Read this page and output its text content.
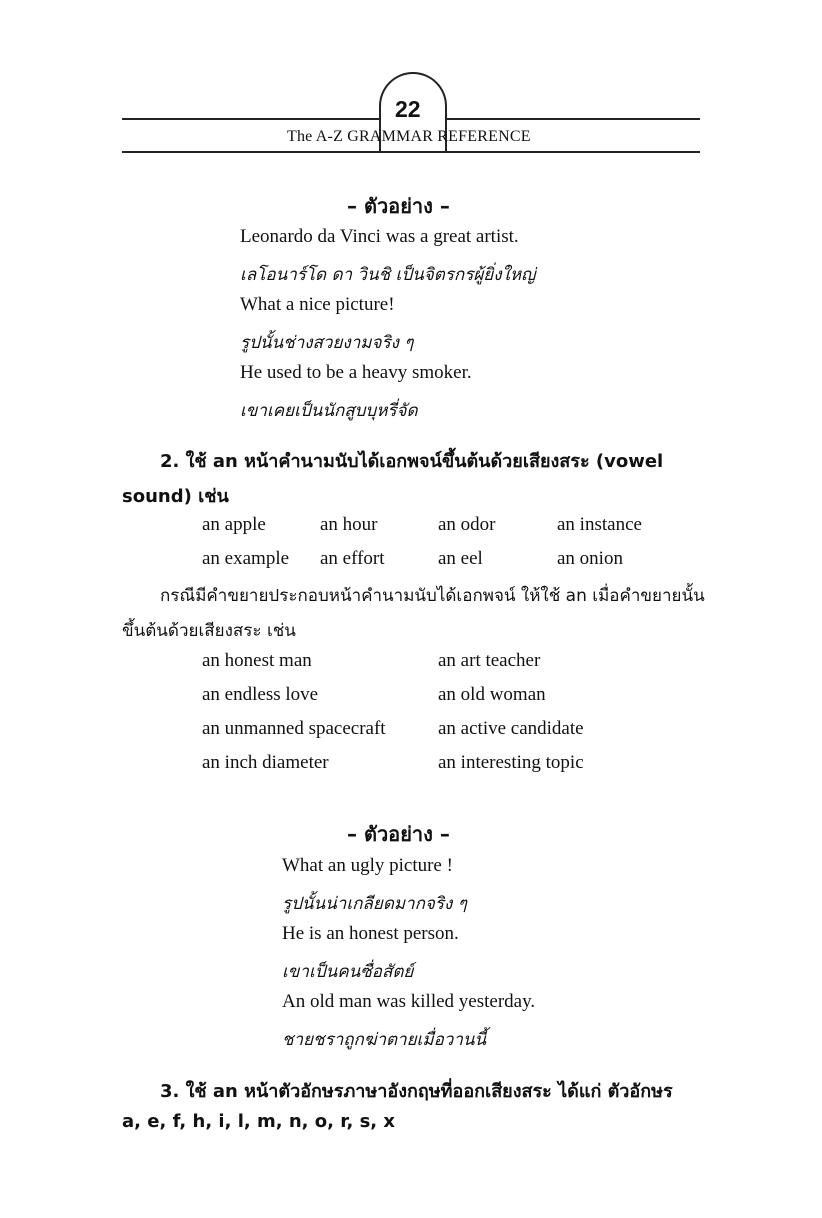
22
The A-Z GRAMMAR REFERENCE
– ตัวอย่าง –
Leonardo da Vinci was a great artist.
เลโอนาร์โด ดา วินชิ เป็นจิตรกรผู้ยิ่งใหญ่
What a nice picture!
รูปนั้นช่างสวยงามจริง ๆ
He used to be a heavy smoker.
เขาเคยเป็นนักสูบบุหรี่จัด
2. ใช้ an หน้าคำนามนับได้เอกพจน์ขึ้นต้นด้วยเสียงสระ (vowel
sound) เช่น
an apple	an hour	an odor	an instance
an example an effort	an eel	an onion
กรณีมีคำขยายประกอบหน้าคำนามนับได้เอกพจน์ ให้ใช้ an เมื่อคำขยายนั้น
ขึ้นต้นด้วยเสียงสระ เช่น
an honest man	an art teacher
an endless love	an old woman
an unmanned spacecraft	an active candidate
an inch diameter	an interesting topic
– ตัวอย่าง –
What an ugly picture !
รูปนั้นน่าเกลียดมากจริง ๆ
He is an honest person.
เขาเป็นคนซื่อสัตย์
An old man was killed yesterday.
ชายชราถูกฆ่าตายเมื่อวานนี้
3. ใช้ an หน้าตัวอักษรภาษาอังกฤษที่ออกเสียงสระ ได้แก่ ตัวอักษร
a, e, f, h, i, l, m, n, o, r, s, x
